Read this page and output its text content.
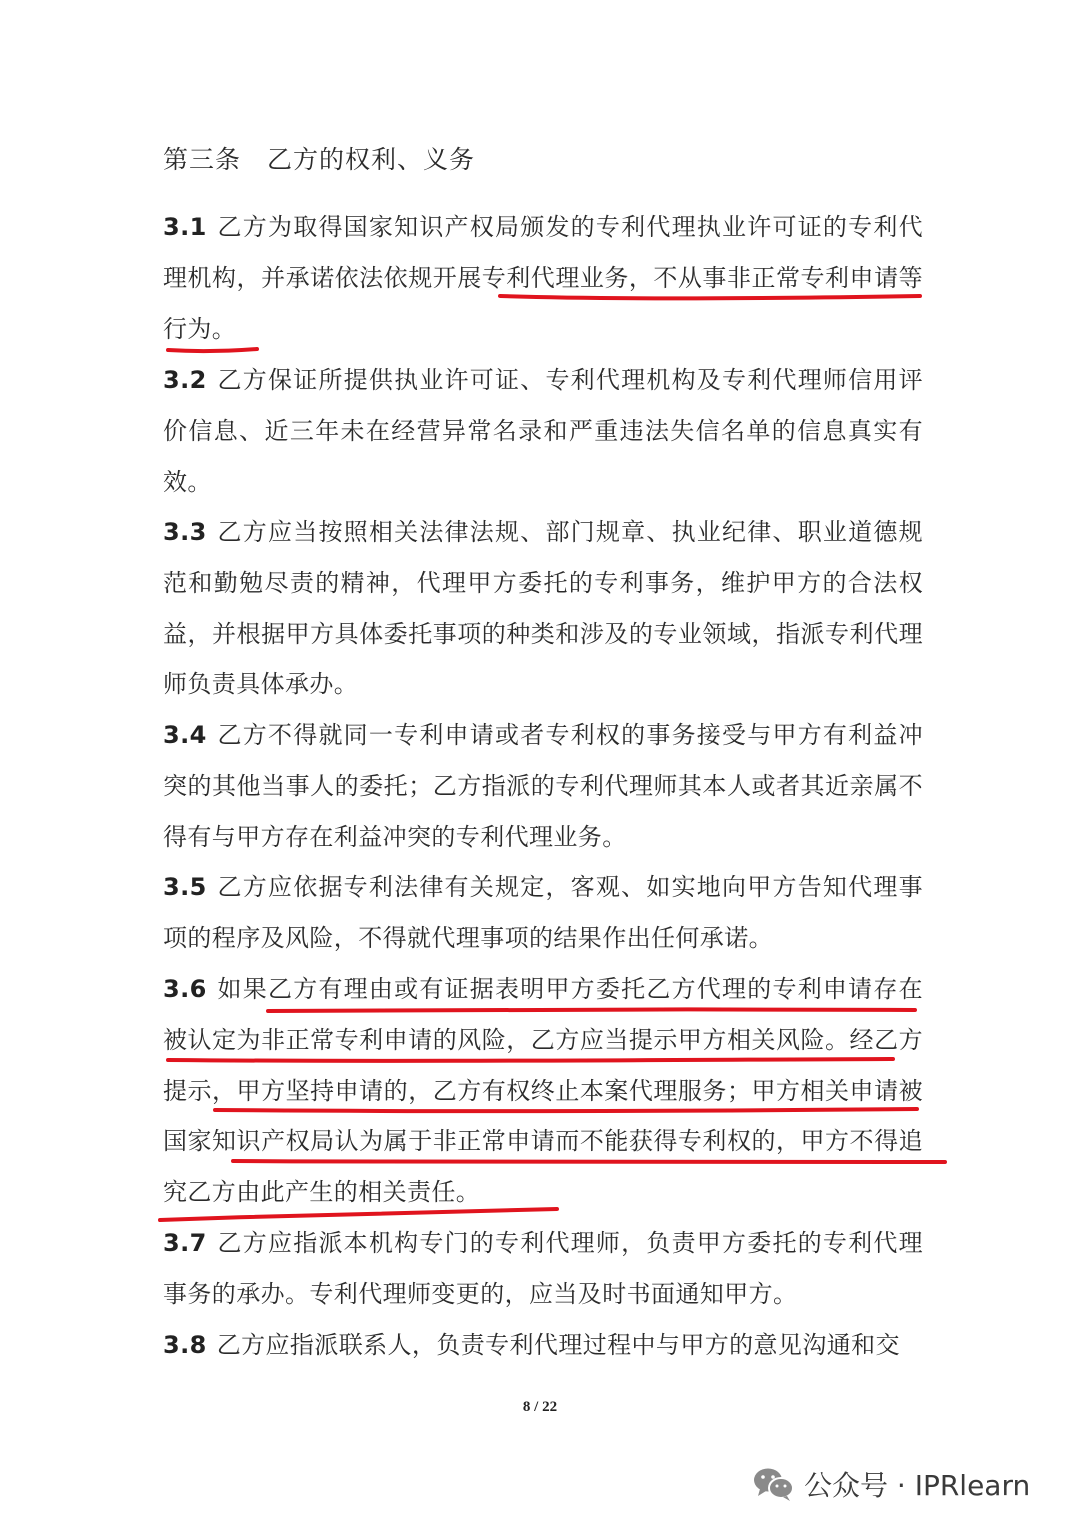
第三条　乙方的权利、义务
3.1 乙方为取得国家知识产权局颁发的专利代理执业许可证的专利代理机构，并承诺依法依规开展专利代理业务，不从事非正常专利申请等行为。
3.2 乙方保证所提供执业许可证、专利代理机构及专利代理师信用评价信息、近三年未在经营异常名录和严重违法失信名单的信息真实有效。
3.3 乙方应当按照相关法律法规、部门规章、执业纪律、职业道德规范和勤勉尽责的精神，代理甲方委托的专利事务，维护甲方的合法权益，并根据甲方具体委托事项的种类和涉及的专业领域，指派专利代理师负责具体承办。
3.4 乙方不得就同一专利申请或者专利权的事务接受与甲方有利益冲突的其他当事人的委托；乙方指派的专利代理师其本人或者其近亲属不得有与甲方存在利益冲突的专利代理业务。
3.5 乙方应依据专利法律有关规定，客观、如实地向甲方告知代理事项的程序及风险，不得就代理事项的结果作出任何承诺。
3.6 如果乙方有理由或有证据表明甲方委托乙方代理的专利申请存在被认定为非正常专利申请的风险，乙方应当提示甲方相关风险。经乙方提示，甲方坚持申请的，乙方有权终止本案代理服务；甲方相关申请被国家知识产权局认为属于非正常申请而不能获得专利权的，甲方不得追究乙方由此产生的相关责任。
3.7 乙方应指派本机构专门的专利代理师，负责甲方委托的专利代理事务的承办。专利代理师变更的，应当及时书面通知甲方。
3.8 乙方应指派联系人，负责专利代理过程中与甲方的意见沟通和交
8 / 22
公众号 · IPRlearn
